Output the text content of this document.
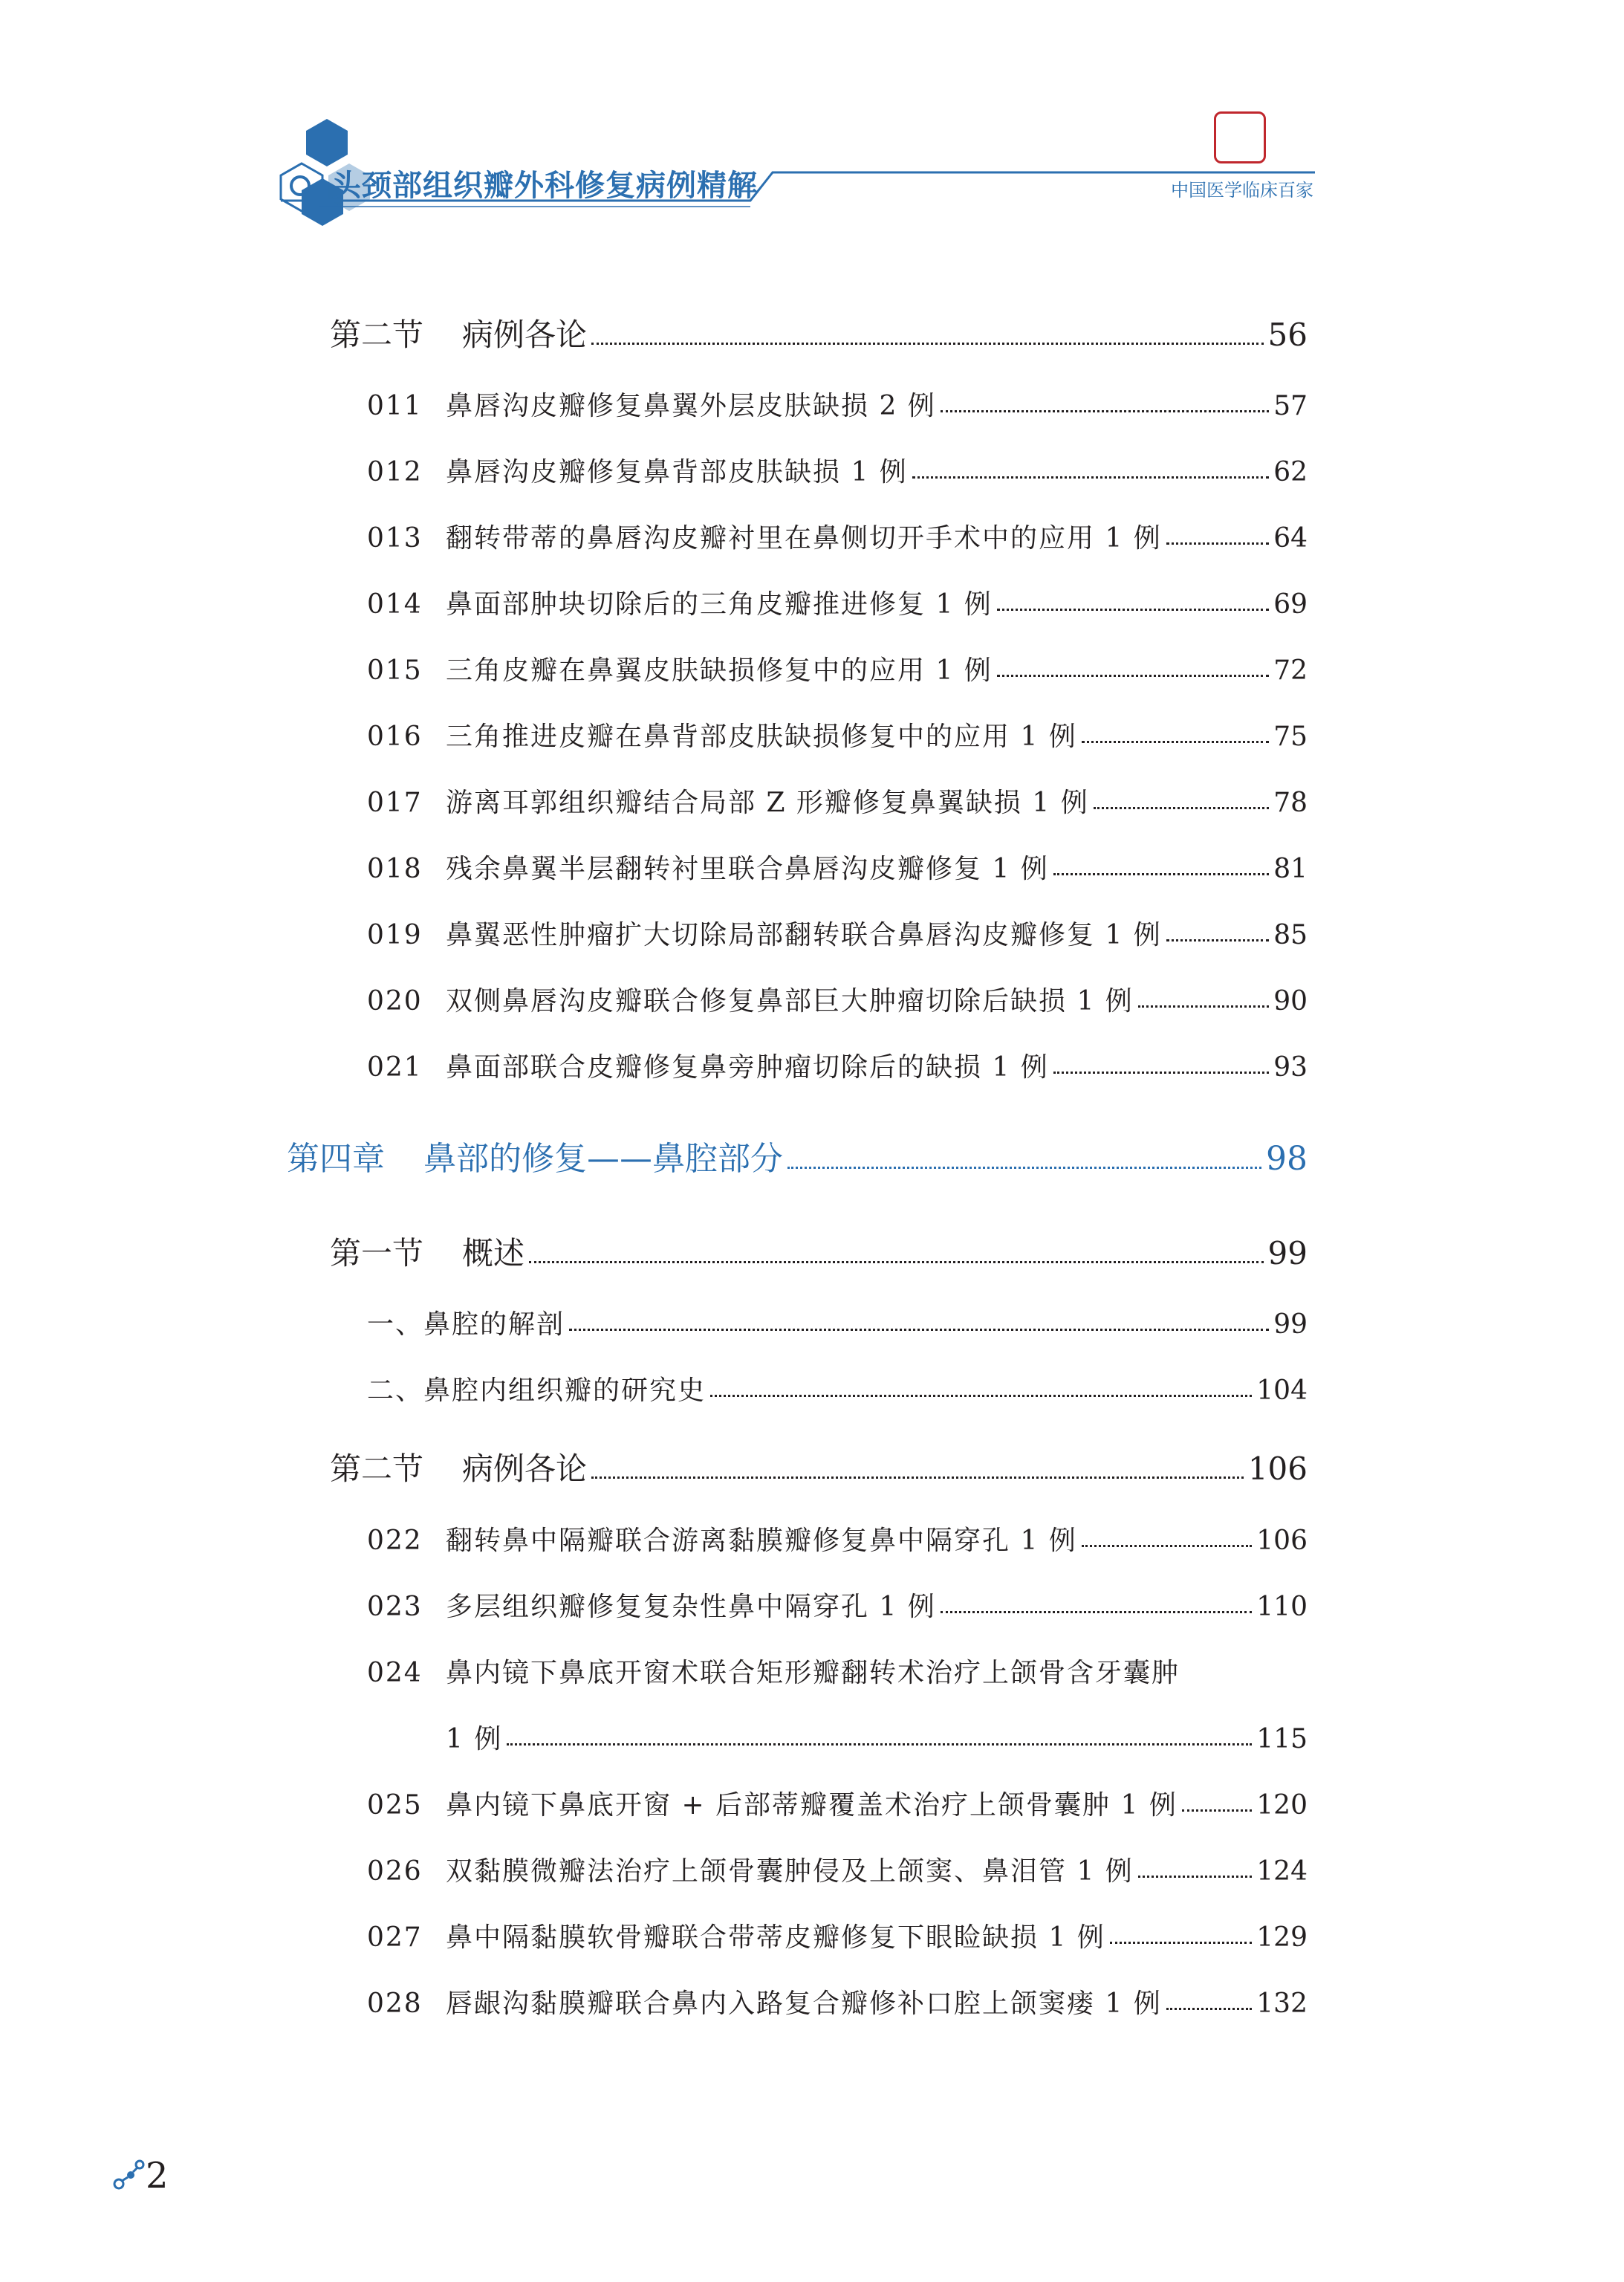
头颈部组织瓣外科修复病例精解	中国医学临床百家
第二节 病例各论	56
011 鼻唇沟皮瓣修复鼻翼外层皮肤缺损 2 例	57
012 鼻唇沟皮瓣修复鼻背部皮肤缺损 1 例	62
013 翻转带蒂的鼻唇沟皮瓣衬里在鼻侧切开手术中的应用 1 例	64
014 鼻面部肿块切除后的三角皮瓣推进修复 1 例	69
015 三角皮瓣在鼻翼皮肤缺损修复中的应用 1 例	72
016 三角推进皮瓣在鼻背部皮肤缺损修复中的应用 1 例	75
017 游离耳郭组织瓣结合局部 Z 形瓣修复鼻翼缺损 1 例	78
018 残余鼻翼半层翻转衬里联合鼻唇沟皮瓣修复 1 例	81
019 鼻翼恶性肿瘤扩大切除局部翻转联合鼻唇沟皮瓣修复 1 例	85
020 双侧鼻唇沟皮瓣联合修复鼻部巨大肿瘤切除后缺损 1 例	90
021 鼻面部联合皮瓣修复鼻旁肿瘤切除后的缺损 1 例	93
第四章 鼻部的修复——鼻腔部分	98
第一节 概述	99
一、鼻腔的解剖	99
二、鼻腔内组织瓣的研究史	104
第二节 病例各论	106
022 翻转鼻中隔瓣联合游离黏膜瓣修复鼻中隔穿孔 1 例	106
023 多层组织瓣修复复杂性鼻中隔穿孔 1 例	110
024 鼻内镜下鼻底开窗术联合矩形瓣翻转术治疗上颌骨含牙囊肿
1 例	115
025 鼻内镜下鼻底开窗 + 后部蒂瓣覆盖术治疗上颌骨囊肿 1 例	120
026 双黏膜微瓣法治疗上颌骨囊肿侵及上颌窦、鼻泪管 1 例	124
027 鼻中隔黏膜软骨瓣联合带蒂皮瓣修复下眼睑缺损 1 例	129
028 唇龈沟黏膜瓣联合鼻内入路复合瓣修补口腔上颌窦瘘 1 例	132
2
